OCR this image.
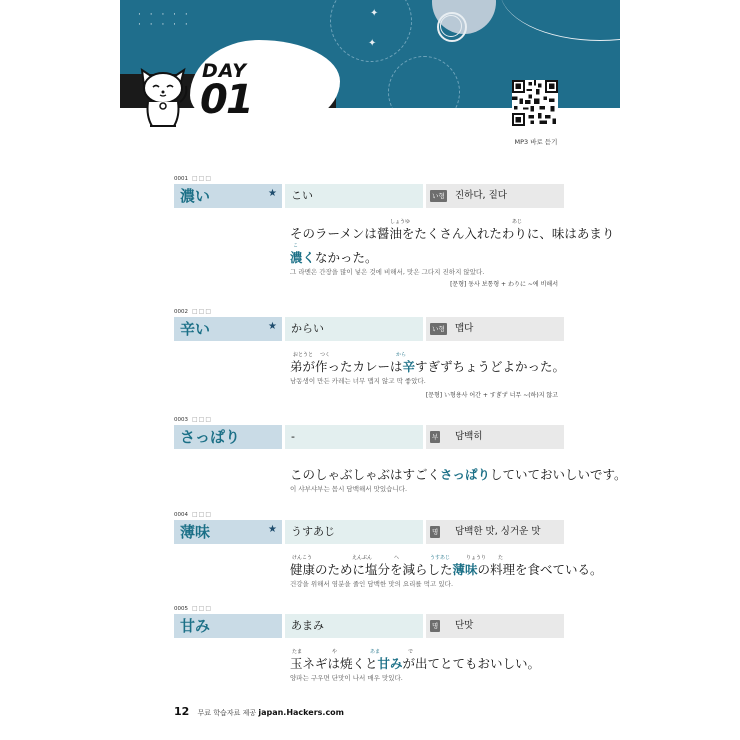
· · · · ·
· · · · ·
✦
✦
DAY
01 음식
MP3 바로 듣기
0001 □□□
濃い	★ こい	い형 진하다, 짙다
しょうゆ	あじ
そのラーメンは醤油をたくさん入れたわりに、味はあまり
こ
濃くなかった。
그 라멘은 간장을 많이 넣은 것에 비해서, 맛은 그다지 진하지 않았다.
[문형] 동사 보통형 + わりに ~에 비해서
0002 □□□
辛い	★ からい	い형 맵다
おとうと つく	から
弟が作ったカレーは辛すぎずちょうどよかった。
남동생이 만든 카레는 너무 맵지 않고 딱 좋았다.
[문형] い형용사 어간 + すぎず 너무 ~(하)지 않고
0003 □□□
さっぱり	-	부 담백히
このしゃぶしゃぶはすごくさっぱりしていておいしいです。
이 샤부샤부는 몹시 담백해서 맛있습니다.
0004 □□□
薄味	★ うすあじ	명 담백한 맛, 싱거운 맛
けんこう	えんぶん	へ	うすあじ	りょうり た
健康のために塩分を減らした薄味の料理を食べている。
건강을 위해서 염분을 줄인 담백한 맛의 요리를 먹고 있다.
0005 □□□
甘み	あまみ	명 단맛
たま	や	あま	で
玉ネギは焼くと甘みが出てとてもおいしい。
양파는 구우면 단맛이 나서 매우 맛있다.
12 무료 학습자료 제공 japan.Hackers.com
